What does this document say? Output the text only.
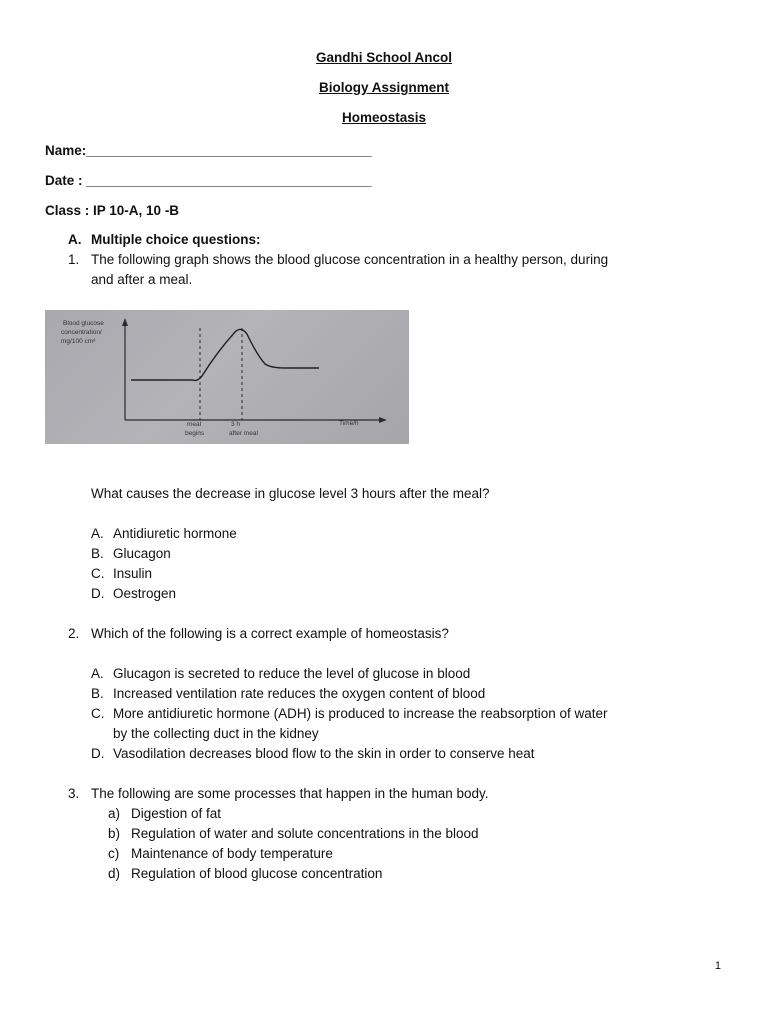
Gandhi School Ancol
Biology Assignment
Homeostasis
Name:______________________________________
Date : ______________________________________
Class : IP 10-A, 10 -B
A. Multiple choice questions:
1. The following graph shows the blood glucose concentration in a healthy person, during
and after a meal.
Blood glucose
concentration/
mg/100 cm³
meal
begins
3 h
after meal
Time/h
What causes the decrease in glucose level 3 hours after the meal?
A. Antidiuretic hormone
B. Glucagon
C. Insulin
D. Oestrogen
2. Which of the following is a correct example of homeostasis?
A. Glucagon is secreted to reduce the level of glucose in blood
B. Increased ventilation rate reduces the oxygen content of blood
C. More antidiuretic hormone (ADH) is produced to increase the reabsorption of water
by the collecting duct in the kidney
D. Vasodilation decreases blood flow to the skin in order to conserve heat
3. The following are some processes that happen in the human body.
a) Digestion of fat
b) Regulation of water and solute concentrations in the blood
c) Maintenance of body temperature
d) Regulation of blood glucose concentration
1
